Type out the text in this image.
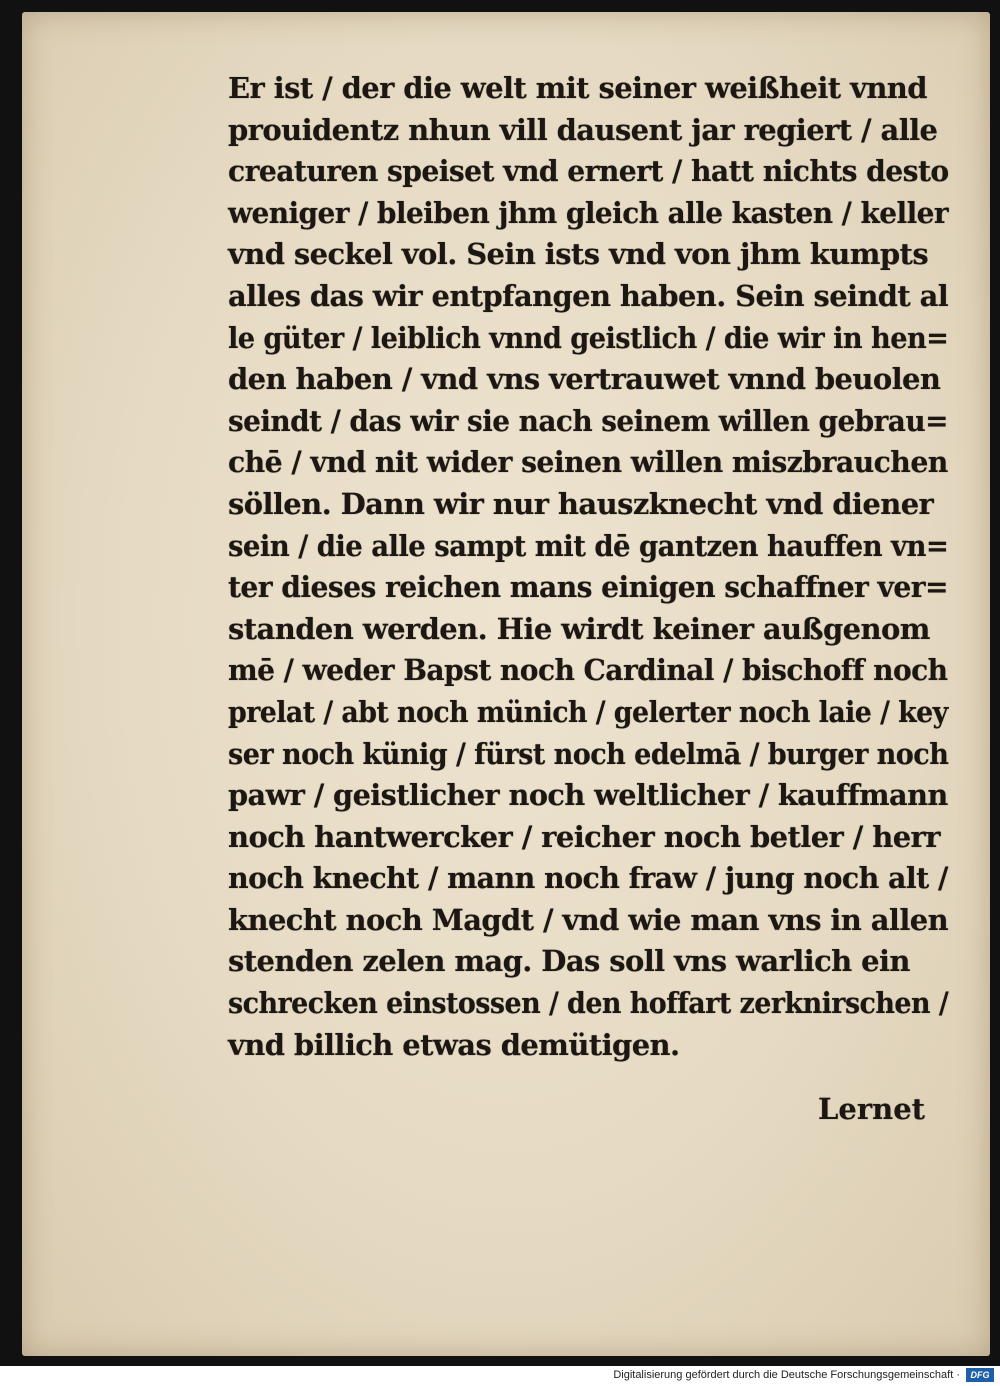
Er ist / der die welt mit seiner weißheit vnnd
prouidentz nhun vill dausent jar regiert / alle
creaturen speiset vnd ernert / hatt nichts desto
weniger / bleiben jhm gleich alle kasten / keller
vnd seckel vol. Sein ists vnd von jhm kumpts
alles das wir entpfangen haben. Sein seindt al
le güter / leiblich vnnd geistlich / die wir in hen=
den haben / vnd vns vertrauwet vnnd beuolen
seindt / das wir sie nach seinem willen gebrau=
chē / vnd nit wider seinen willen miszbrauchen
söllen. Dann wir nur hauszknecht vnd diener
sein / die alle sampt mit dē gantzen hauffen vn=
ter dieses reichen mans einigen schaffner ver=
standen werden. Hie wirdt keiner außgenom
mē / weder Bapst noch Cardinal / bischoff noch
prelat / abt noch münich / gelerter noch laie / key
ser noch künig / fürst noch edelmā / burger noch
pawr / geistlicher noch weltlicher / kauffmann
noch hantwercker / reicher noch betler / herr
noch knecht / mann noch fraw / jung noch alt /
knecht noch Magdt / vnd wie man vns in allen
stenden zelen mag. Das soll vns warlich ein
schrecken einstossen / den hoffart zerknirschen /
vnd billich etwas demütigen.
Lernet
Digitalisierung gefördert durch die Deutsche Forschungsgemeinschaft ·	DFG
